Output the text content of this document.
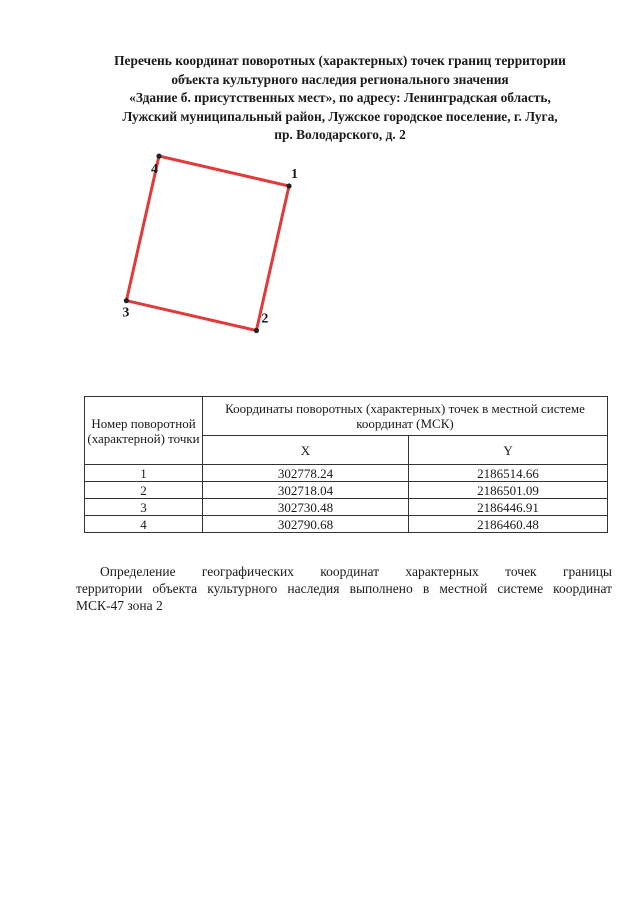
Перечень координат поворотных (характерных) точек границ территории
объекта культурного наследия регионального значения
«Здание б. присутственных мест», по адресу: Ленинградская область,
Лужский муниципальный район, Лужское городское поселение, г. Луга,
пр. Володарского, д. 2
1
2
3
4
Номер поворотной (характерной) точки	Координаты поворотных (характерных) точек в местной системе координат (МСК)	
	X	Y
1	302778.24	2186514.66
2	302718.04	2186501.09
3	302730.48	2186446.91
4	302790.68	2186460.48
Определение географических координат характерных точек границы
территории объекта культурного наследия выполнено в местной системе координат
МСК-47 зона 2
